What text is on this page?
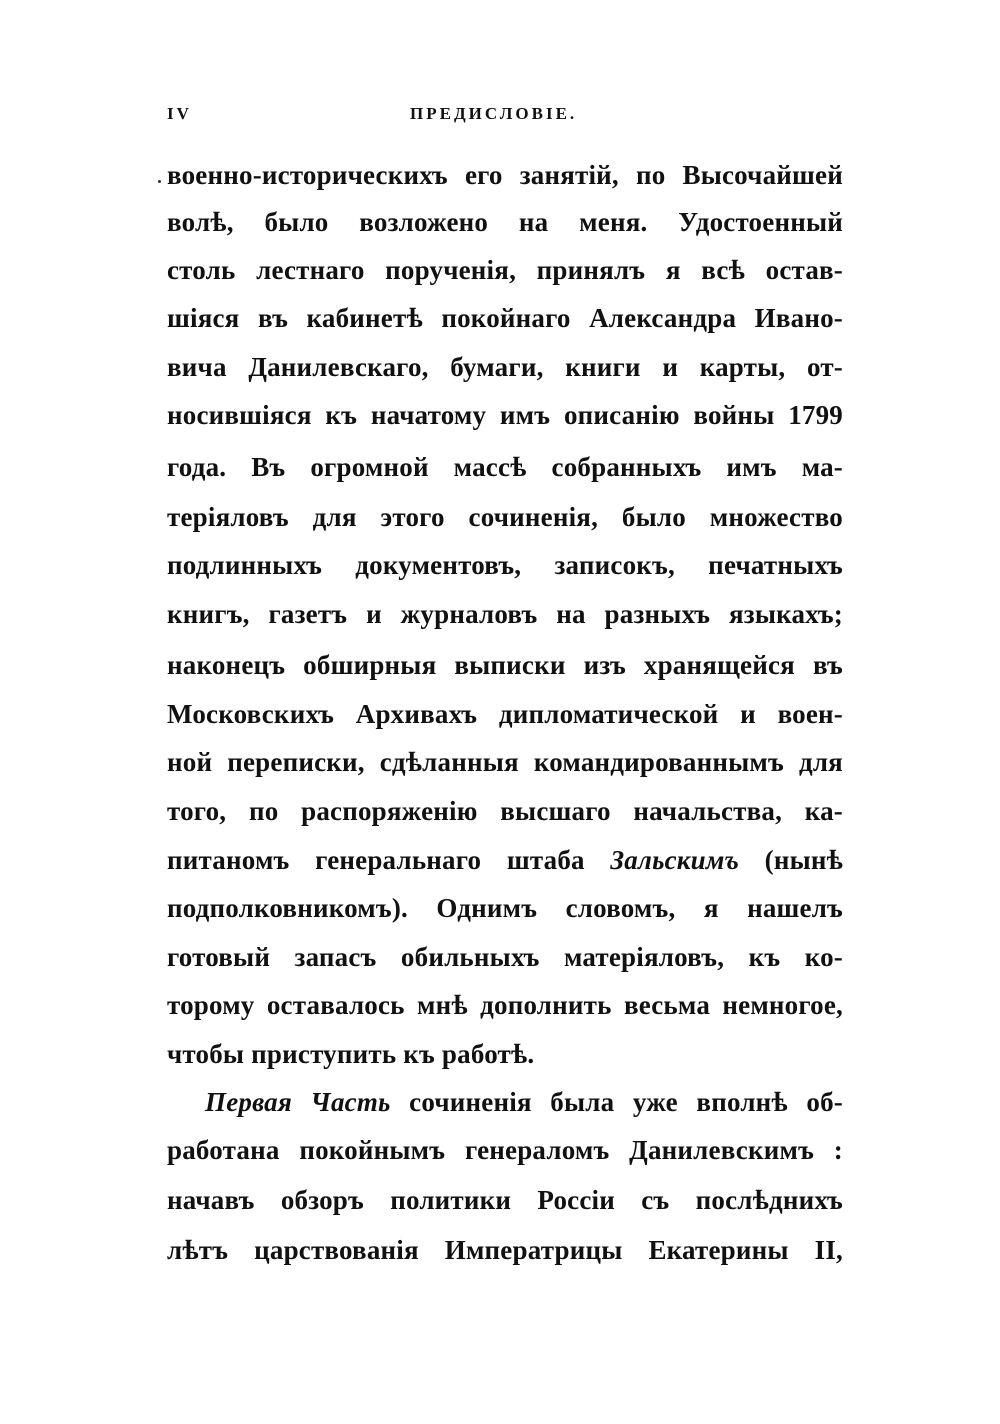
IV	ПРЕДИСЛОВІЕ.
военно-историческихъ его занятій, по Высочайшей
волѣ, было возложено на меня. Удостоенный
столь лестнаго порученія, принялъ я всѣ остав-
шіяся въ кабинетѣ покойнаго Александра Ивано-
вича Данилевскаго, бумаги, книги и карты, от-
носившіяся къ начатому имъ описанію войны 1799
года. Въ огромной массѣ собранныхъ имъ ма-
теріяловъ для этого сочиненія, было множество
подлинныхъ документовъ, записокъ, печатныхъ
книгъ, газетъ и журналовъ на разныхъ языкахъ;
наконецъ обширныя выписки изъ хранящейся въ
Московскихъ Архивахъ дипломатической и воен-
ной переписки, сдѣланныя командированнымъ для
того, по распоряженію высшаго начальства, ка-
питаномъ генеральнаго штаба Зальскимъ (нынѣ
подполковникомъ). Однимъ словомъ, я нашелъ
готовый запасъ обильныхъ матеріяловъ, къ ко-
торому оставалось мнѣ дополнить весьма немногое,
чтобы приступить къ работѣ.
Первая Часть сочиненія была уже вполнѣ об-
работана покойнымъ генераломъ Данилевскимъ :
начавъ обзоръ политики Россіи съ послѣднихъ
лѣтъ царствованія Императрицы Екатерины II,
